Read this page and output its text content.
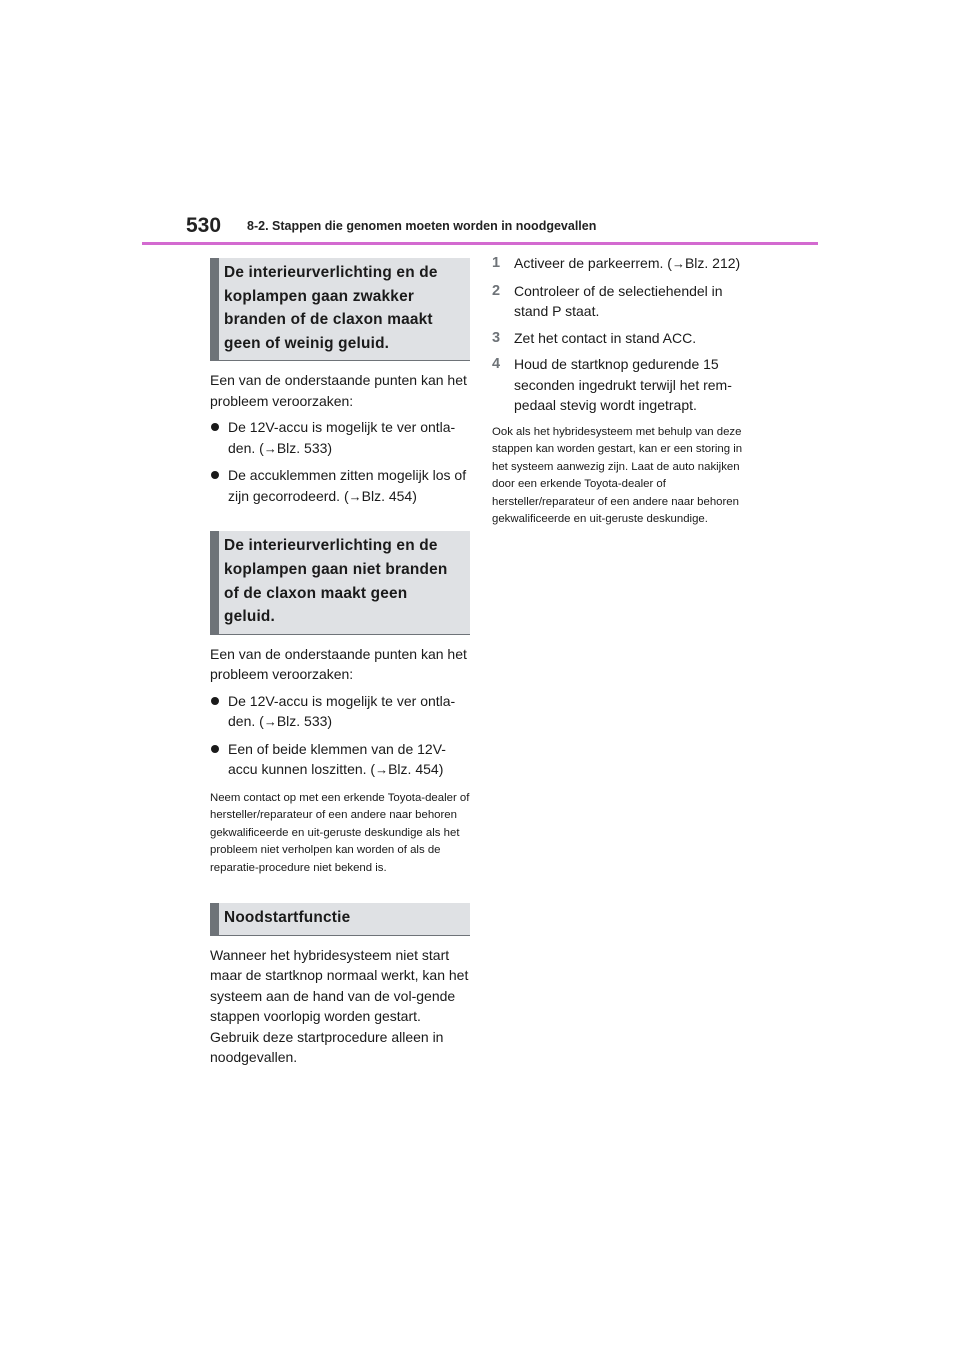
530 8-2. Stappen die genomen moeten worden in noodgevallen
De interieurverlichting en de koplampen gaan zwakker branden of de claxon maakt geen of weinig geluid.

Een van de onderstaande punten kan het probleem veroorzaken:

De 12V-accu is mogelijk te ver ontla-den. (→Blz. 533)
De accuklemmen zitten mogelijk los of zijn gecorrodeerd. (→Blz. 454)
De interieurverlichting en de koplampen gaan niet branden of de claxon maakt geen geluid.

Een van de onderstaande punten kan het probleem veroorzaken:

De 12V-accu is mogelijk te ver ontla-den. (→Blz. 533)
Een of beide klemmen van de 12V-accu kunnen loszitten. (→Blz. 454)

Neem contact op met een erkende Toyota-dealer of hersteller/reparateur of een andere naar behoren gekwalificeerde en uit-geruste deskundige als het probleem niet verholpen kan worden of als de reparatie-procedure niet bekend is.

Noodstartfunctie

Wanneer het hybridesysteem niet start maar de startknop normaal werkt, kan het systeem aan de hand van de vol-gende stappen voorlopig worden gestart.

Gebruik deze startprocedure alleen in noodgevallen.

1 Activeer de parkeerrem. (→Blz. 212)
2 Controleer of de selectiehendel in stand P staat.
3 Zet het contact in stand ACC.
4 Houd de startknop gedurende 15 seconden ingedrukt terwijl het rem-pedaal stevig wordt ingetrapt.

Ook als het hybridesysteem met behulp van deze stappen kan worden gestart, kan er een storing in het systeem aanwezig zijn. Laat de auto nakijken door een erkende Toyota-dealer of hersteller/reparateur of een andere naar behoren gekwalificeerde en uit-geruste deskundige.
